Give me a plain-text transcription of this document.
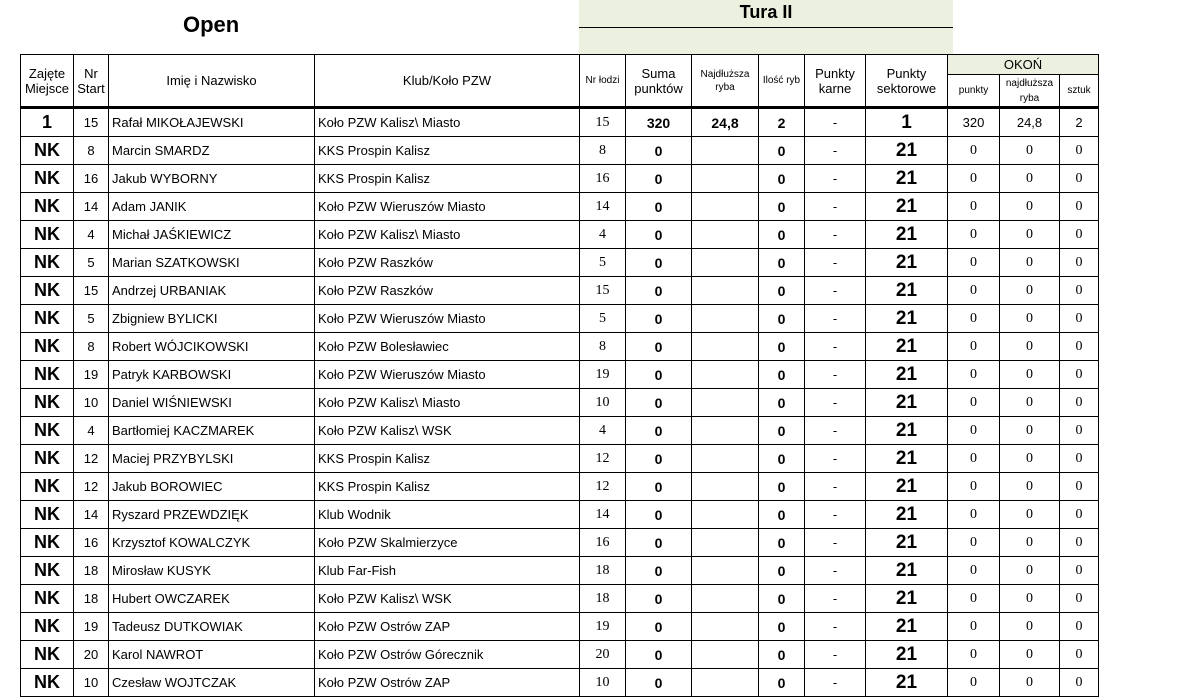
Open	Tura II
Zajęte Miejsce	Nr Start	Imię i Nazwisko	Klub/Koło PZW	Nr łodzi	Suma punktów	Najdłuższa ryba	Ilość ryb	Punkty karne	Punkty sektorowe	OKOŃ		
										punkty	najdłuższa ryba	sztuk
1	15	Rafał MIKOŁAJEWSKI	Koło PZW Kalisz\ Miasto	15	320	24,8	2	-	1	320	24,8	2
NK	8	Marcin SMARDZ	KKS Prospin Kalisz	8	0		0	-	21	0	0	0
NK	16	Jakub WYBORNY	KKS Prospin Kalisz	16	0		0	-	21	0	0	0
NK	14	Adam JANIK	Koło PZW Wieruszów Miasto	14	0		0	-	21	0	0	0
NK	4	Michał JAŚKIEWICZ	Koło PZW Kalisz\ Miasto	4	0		0	-	21	0	0	0
NK	5	Marian SZATKOWSKI	Koło PZW Raszków	5	0		0	-	21	0	0	0
NK	15	Andrzej URBANIAK	Koło PZW Raszków	15	0		0	-	21	0	0	0
NK	5	Zbigniew BYLICKI	Koło PZW Wieruszów Miasto	5	0		0	-	21	0	0	0
NK	8	Robert WÓJCIKOWSKI	Koło PZW Bolesławiec	8	0		0	-	21	0	0	0
NK	19	Patryk KARBOWSKI	Koło PZW Wieruszów Miasto	19	0		0	-	21	0	0	0
NK	10	Daniel WIŚNIEWSKI	Koło PZW Kalisz\ Miasto	10	0		0	-	21	0	0	0
NK	4	Bartłomiej KACZMAREK	Koło PZW Kalisz\ WSK	4	0		0	-	21	0	0	0
NK	12	Maciej PRZYBYLSKI	KKS Prospin Kalisz	12	0		0	-	21	0	0	0
NK	12	Jakub BOROWIEC	KKS Prospin Kalisz	12	0		0	-	21	0	0	0
NK	14	Ryszard PRZEWDZIĘK	Klub Wodnik	14	0		0	-	21	0	0	0
NK	16	Krzysztof KOWALCZYK	Koło PZW Skalmierzyce	16	0		0	-	21	0	0	0
NK	18	Mirosław KUSYK	Klub Far-Fish	18	0		0	-	21	0	0	0
NK	18	Hubert OWCZAREK	Koło PZW Kalisz\ WSK	18	0		0	-	21	0	0	0
NK	19	Tadeusz DUTKOWIAK	Koło PZW Ostrów ZAP	19	0		0	-	21	0	0	0
NK	20	Karol NAWROT	Koło PZW Ostrów Górecznik	20	0		0	-	21	0	0	0
NK	10	Czesław WOJTCZAK	Koło PZW Ostrów ZAP	10	0		0	-	21	0	0	0
